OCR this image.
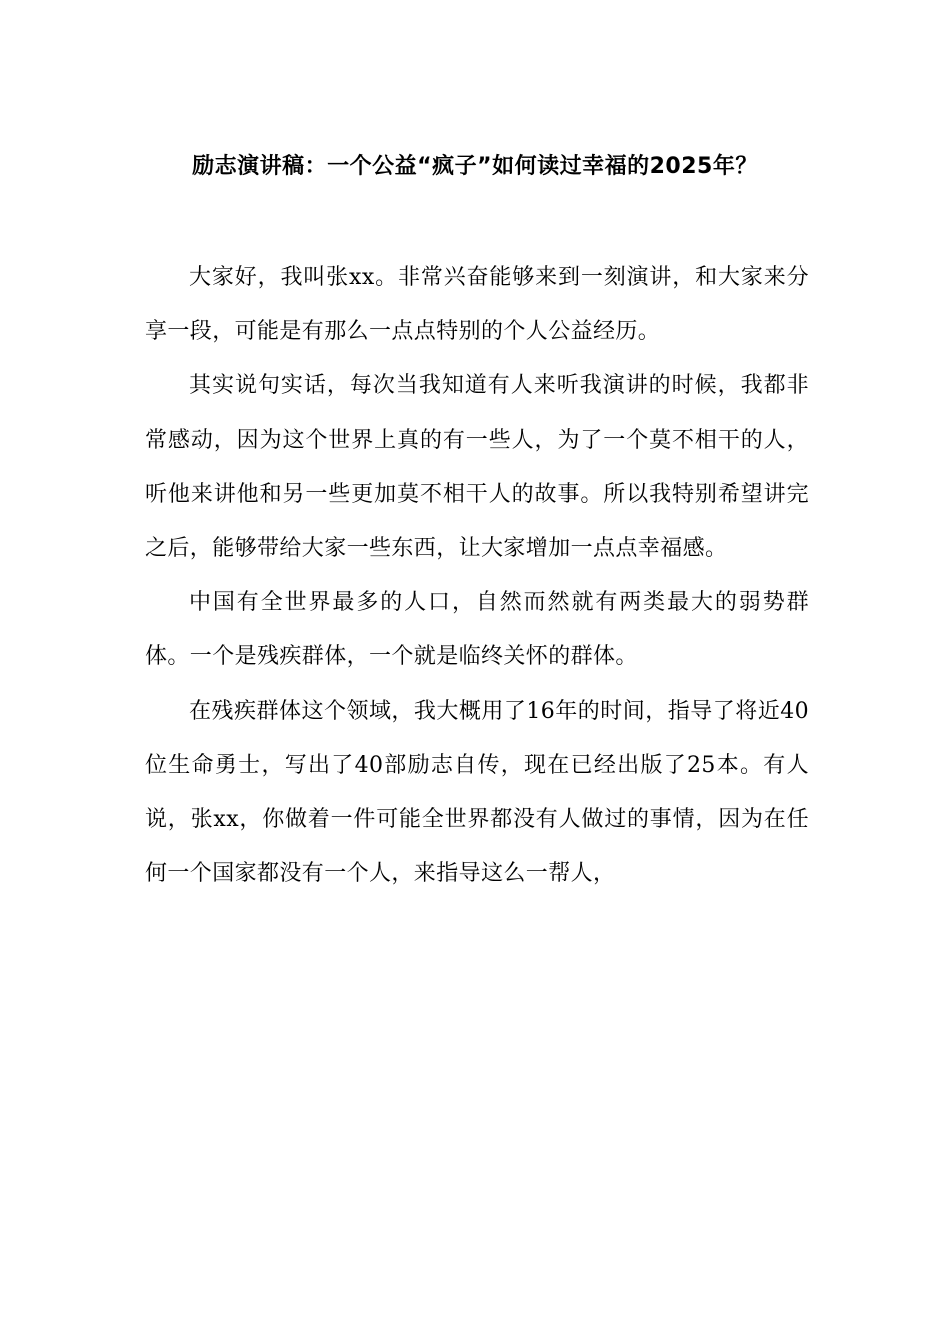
励志演讲稿：一个公益“疯子”如何读过幸福的2025年？

大家好，我叫张xx。非常兴奋能够来到一刻演讲，和大家来分享一段，可能是有那么一点点特别的个人公益经历。

其实说句实话，每次当我知道有人来听我演讲的时候，我都非常感动，因为这个世界上真的有一些人，为了一个莫不相干的人，听他来讲他和另一些更加莫不相干人的故事。所以我特别希望讲完之后，能够带给大家一些东西，让大家增加一点点幸福感。

中国有全世界最多的人口，自然而然就有两类最大的弱势群体。一个是残疾群体，一个就是临终关怀的群体。

在残疾群体这个领域，我大概用了16年的时间，指导了将近40位生命勇士，写出了40部励志自传，现在已经出版了25本。有人说，张xx，你做着一件可能全世界都没有人做过的事情，因为在任何一个国家都没有一个人，来指导这么一帮人，
